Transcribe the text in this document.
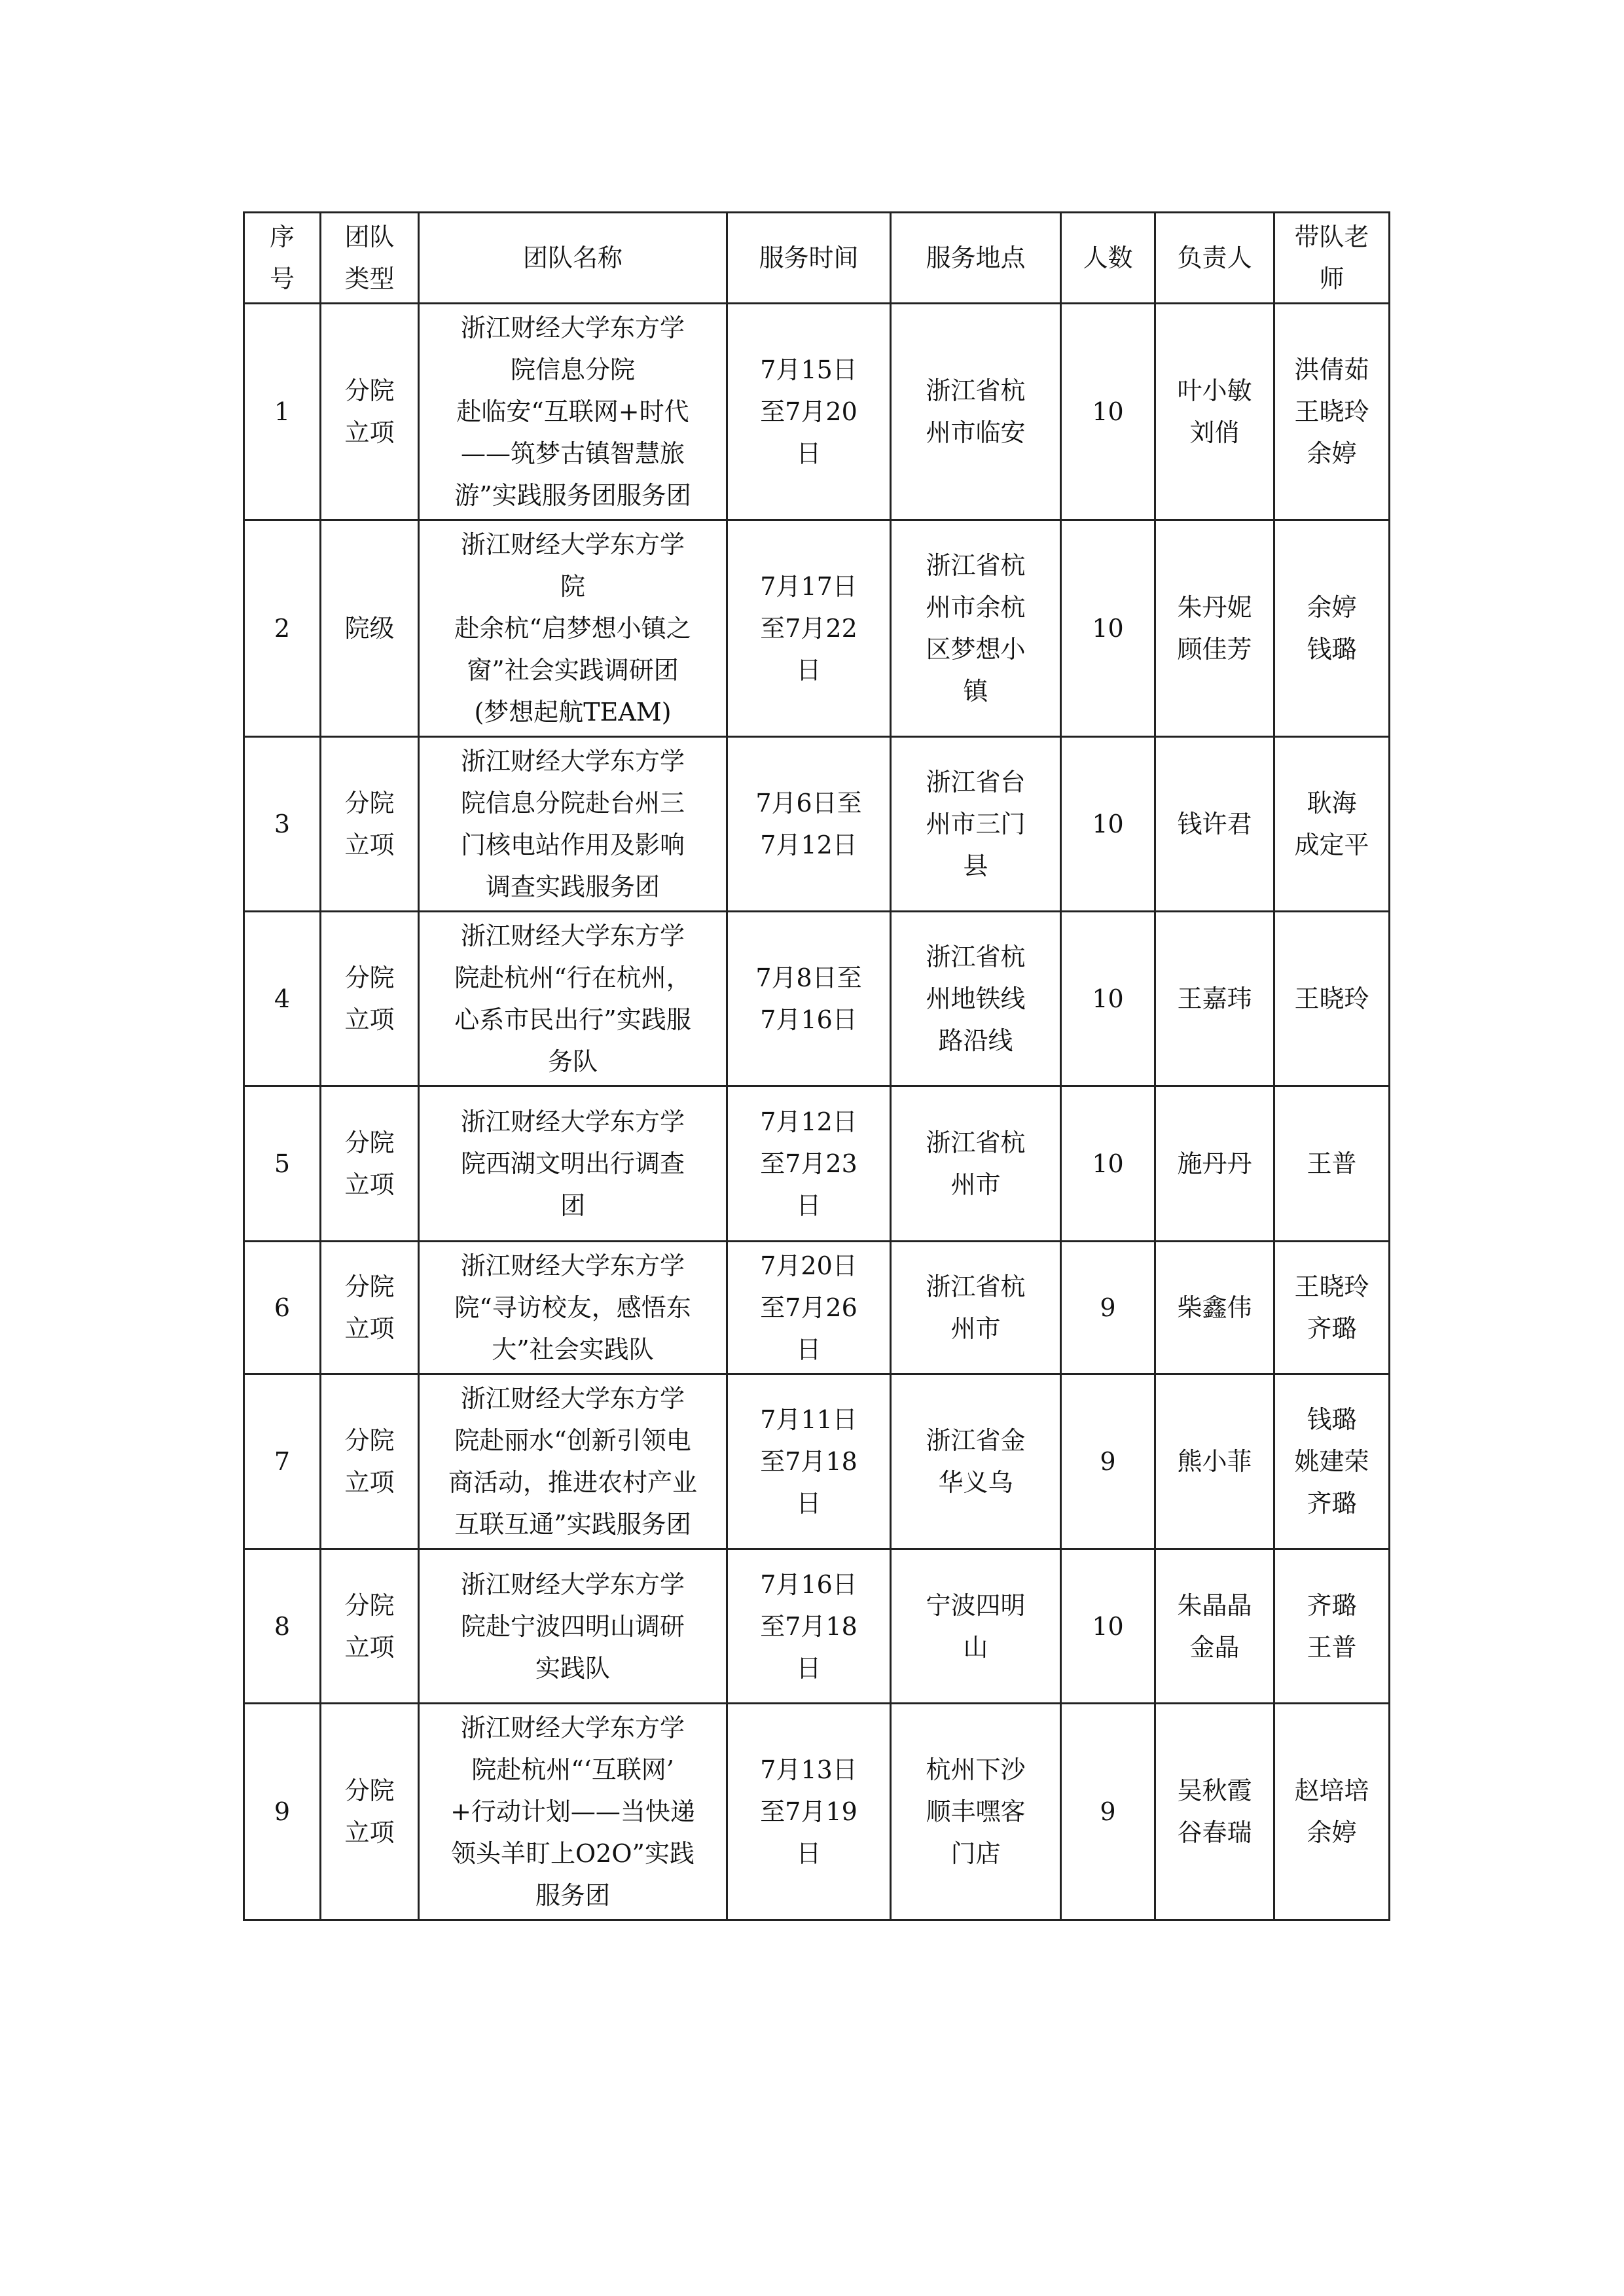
序
号	团队
类型	团队名称	服务时间	服务地点	人数	负责人	带队老
师

1	分院
立项	浙江财经大学东方学
院信息分院
赴临安“互联网+时代
——筑梦古镇智慧旅
游”实践服务团服务团	7月15日
至7月20
日	浙江省杭
州市临安	10	叶小敏
刘俏	洪倩茹
王晓玲
余婷

2	院级	浙江财经大学东方学
院
赴余杭“启梦想小镇之
窗”社会实践调研团
(梦想起航TEAM)	7月17日
至7月22
日	浙江省杭
州市余杭
区梦想小
镇	10	朱丹妮
顾佳芳	余婷
钱璐

3	分院
立项	浙江财经大学东方学
院信息分院赴台州三
门核电站作用及影响
调查实践服务团	7月6日至
7月12日	浙江省台
州市三门
县	10	钱许君	耿海
成定平

4	分院
立项	浙江财经大学东方学
院赴杭州“行在杭州，
心系市民出行”实践服
务队	7月8日至
7月16日	浙江省杭
州地铁线
路沿线	10	王嘉玮	王晓玲

5	分院
立项	浙江财经大学东方学
院西湖文明出行调查
团	7月12日
至7月23
日	浙江省杭
州市	10	施丹丹	王普

6	分院
立项	浙江财经大学东方学
院“寻访校友，感悟东
大”社会实践队	7月20日
至7月26
日	浙江省杭
州市	9	柴鑫伟	王晓玲
齐璐

7	分院
立项	浙江财经大学东方学
院赴丽水“创新引领电
商活动，推进农村产业
互联互通”实践服务团	7月11日
至7月18
日	浙江省金
华义乌	9	熊小菲	钱璐
姚建荣
齐璐

8	分院
立项	浙江财经大学东方学
院赴宁波四明山调研
实践队	7月16日
至7月18
日	宁波四明
山	10	朱晶晶
金晶	齐璐
王普

9	分院
立项	浙江财经大学东方学
院赴杭州“‘互联网’
+行动计划——当快递
领头羊盯上O2O”实践
服务团	7月13日
至7月19
日	杭州下沙
顺丰嘿客
门店	9	吴秋霞
谷春瑞	赵培培
余婷
